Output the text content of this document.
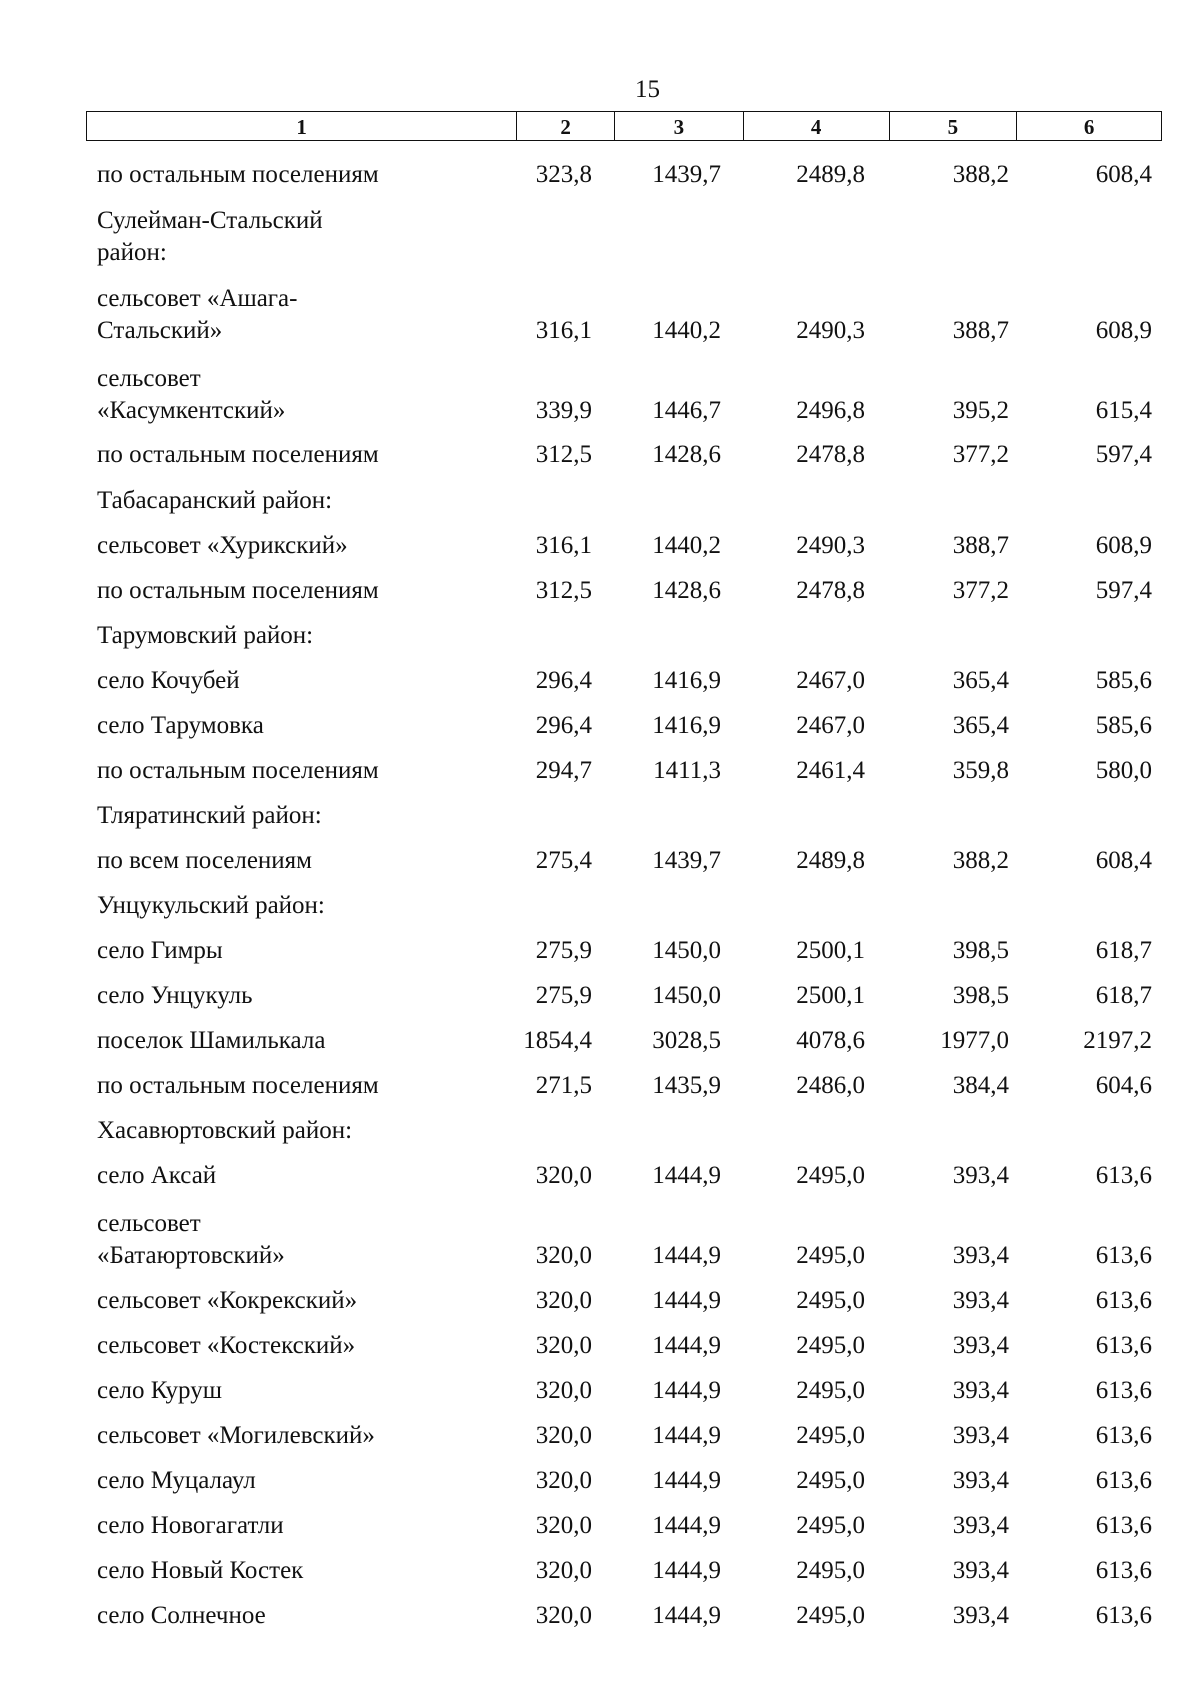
15
1	2	3	4	5	6
по остальным поселениям	323,8	1439,7	2489,8	388,2	608,4
Сулейман-Стальский
район:
сельсовет «Ашага-
Стальский»	316,1	1440,2	2490,3	388,7	608,9
сельсовет
«Касумкентский»	339,9	1446,7	2496,8	395,2	615,4
по остальным поселениям	312,5	1428,6	2478,8	377,2	597,4
Табасаранский район:
сельсовет «Хурикский»	316,1	1440,2	2490,3	388,7	608,9
по остальным поселениям	312,5	1428,6	2478,8	377,2	597,4
Тарумовский район:
село Кочубей	296,4	1416,9	2467,0	365,4	585,6
село Тарумовка	296,4	1416,9	2467,0	365,4	585,6
по остальным поселениям	294,7	1411,3	2461,4	359,8	580,0
Тляратинский район:
по всем поселениям	275,4	1439,7	2489,8	388,2	608,4
Унцукульский район:
село Гимры	275,9	1450,0	2500,1	398,5	618,7
село Унцукуль	275,9	1450,0	2500,1	398,5	618,7
поселок Шамилькала	1854,4	3028,5	4078,6	1977,0	2197,2
по остальным поселениям	271,5	1435,9	2486,0	384,4	604,6
Хасавюртовский район:
село Аксай	320,0	1444,9	2495,0	393,4	613,6
сельсовет
«Батаюртовский»	320,0	1444,9	2495,0	393,4	613,6
сельсовет «Кокрекский»	320,0	1444,9	2495,0	393,4	613,6
сельсовет «Костекский»	320,0	1444,9	2495,0	393,4	613,6
село Куруш	320,0	1444,9	2495,0	393,4	613,6
сельсовет «Могилевский»	320,0	1444,9	2495,0	393,4	613,6
село Муцалаул	320,0	1444,9	2495,0	393,4	613,6
село Новогагатли	320,0	1444,9	2495,0	393,4	613,6
село Новый Костек	320,0	1444,9	2495,0	393,4	613,6
село Солнечное	320,0	1444,9	2495,0	393,4	613,6
